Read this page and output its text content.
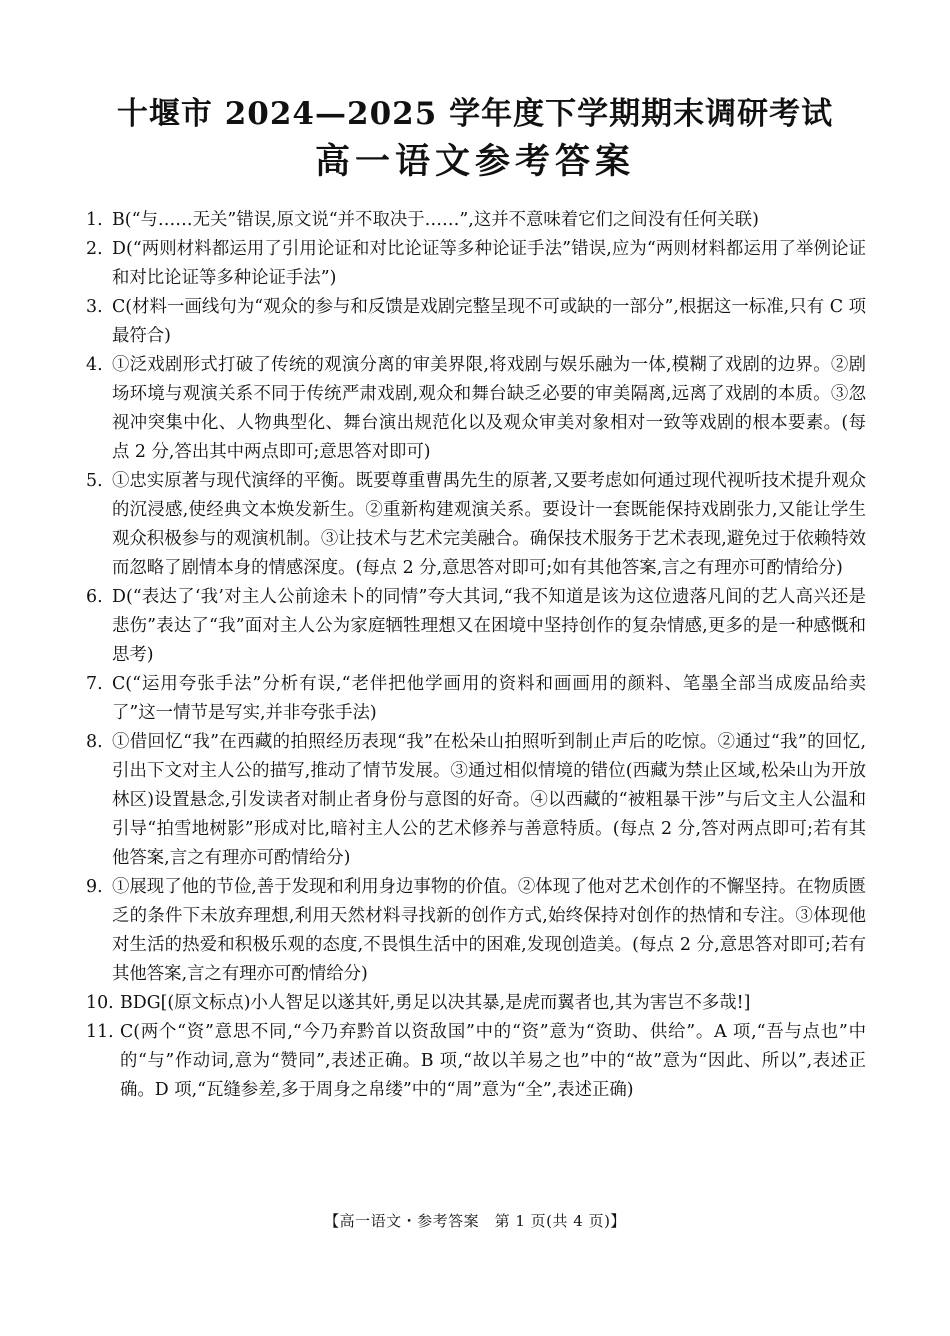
十堰市 2024—2025 学年度下学期期末调研考试
高一语文参考答案
1. B(“与……无关”错误,原文说“并不取决于……”,这并不意味着它们之间没有任何关联)
2. D(“两则材料都运用了引用论证和对比论证等多种论证手法”错误,应为“两则材料都运用了举例论证和对比论证等多种论证手法”)
3. C(材料一画线句为“观众的参与和反馈是戏剧完整呈现不可或缺的一部分”,根据这一标准,只有 C 项最符合)
4. ①泛戏剧形式打破了传统的观演分离的审美界限,将戏剧与娱乐融为一体,模糊了戏剧的边界。②剧场环境与观演关系不同于传统严肃戏剧,观众和舞台缺乏必要的审美隔离,远离了戏剧的本质。③忽视冲突集中化、人物典型化、舞台演出规范化以及观众审美对象相对一致等戏剧的根本要素。(每点 2 分,答出其中两点即可;意思答对即可)
5. ①忠实原著与现代演绎的平衡。既要尊重曹禺先生的原著,又要考虑如何通过现代视听技术提升观众的沉浸感,使经典文本焕发新生。②重新构建观演关系。要设计一套既能保持戏剧张力,又能让学生观众积极参与的观演机制。③让技术与艺术完美融合。确保技术服务于艺术表现,避免过于依赖特效而忽略了剧情本身的情感深度。(每点 2 分,意思答对即可;如有其他答案,言之有理亦可酌情给分)
6. D(“表达了‘我’对主人公前途未卜的同情”夸大其词,“我不知道是该为这位遗落凡间的艺人高兴还是悲伤”表达了“我”面对主人公为家庭牺牲理想又在困境中坚持创作的复杂情感,更多的是一种感慨和思考)
7. C(“运用夸张手法”分析有误,“老伴把他学画用的资料和画画用的颜料、笔墨全部当成废品给卖了”这一情节是写实,并非夸张手法)
8. ①借回忆“我”在西藏的拍照经历表现“我”在松朵山拍照听到制止声后的吃惊。②通过“我”的回忆,引出下文对主人公的描写,推动了情节发展。③通过相似情境的错位(西藏为禁止区域,松朵山为开放林区)设置悬念,引发读者对制止者身份与意图的好奇。④以西藏的“被粗暴干涉”与后文主人公温和引导“拍雪地树影”形成对比,暗衬主人公的艺术修养与善意特质。(每点 2 分,答对两点即可;若有其他答案,言之有理亦可酌情给分)
9. ①展现了他的节俭,善于发现和利用身边事物的价值。②体现了他对艺术创作的不懈坚持。在物质匮乏的条件下未放弃理想,利用天然材料寻找新的创作方式,始终保持对创作的热情和专注。③体现他对生活的热爱和积极乐观的态度,不畏惧生活中的困难,发现创造美。(每点 2 分,意思答对即可;若有其他答案,言之有理亦可酌情给分)
10. BDG[(原文标点)小人智足以遂其奸,勇足以决其暴,是虎而翼者也,其为害岂不多哉!]
11. C(两个“资”意思不同,“今乃弃黔首以资敌国”中的“资”意为“资助、供给”。A 项,“吾与点也”中的“与”作动词,意为“赞同”,表述正确。B 项,“故以羊易之也”中的“故”意为“因此、所以”,表述正确。D 项,“瓦缝参差,多于周身之帛缕”中的“周”意为“全”,表述正确)
【高一语文・参考答案　第 1 页(共 4 页)】
